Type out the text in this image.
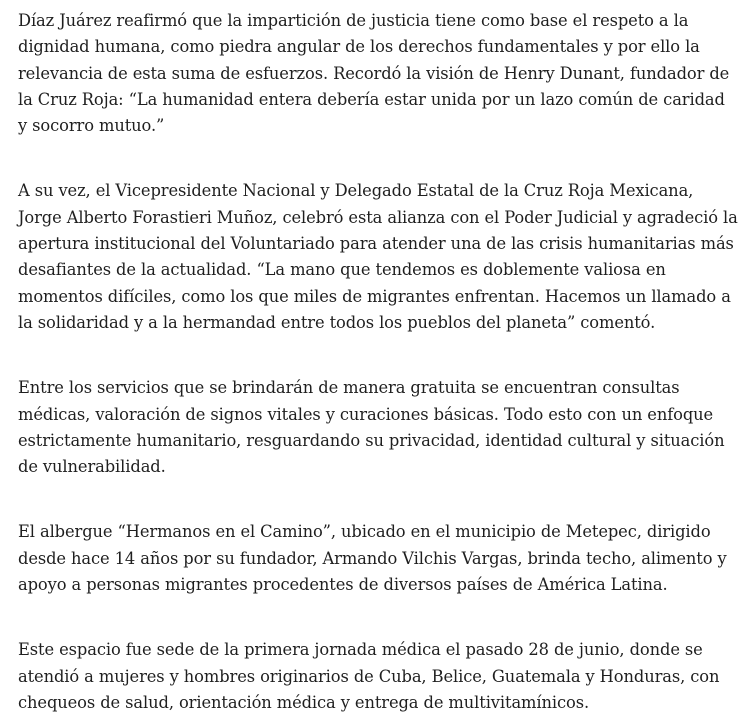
Díaz Juárez reafirmó que la impartición de justicia tiene como base el respeto a la dignidad humana, como piedra angular de los derechos fundamentales y por ello la relevancia de esta suma de esfuerzos. Recordó la visión de Henry Dunant, fundador de la Cruz Roja: “La humanidad entera debería estar unida por un lazo común de caridad y socorro mutuo.”

A su vez, el Vicepresidente Nacional y Delegado Estatal de la Cruz Roja Mexicana, Jorge Alberto Forastieri Muñoz, celebró esta alianza con el Poder Judicial y agradeció la apertura institucional del Voluntariado para atender una de las crisis humanitarias más desafiantes de la actualidad. “La mano que tendemos es doblemente valiosa en momentos difíciles, como los que miles de migrantes enfrentan. Hacemos un llamado a la solidaridad y a la hermandad entre todos los pueblos del planeta” comentó.

Entre los servicios que se brindarán de manera gratuita se encuentran consultas médicas, valoración de signos vitales y curaciones básicas. Todo esto con un enfoque estrictamente humanitario, resguardando su privacidad, identidad cultural y situación de vulnerabilidad.

El albergue “Hermanos en el Camino”, ubicado en el municipio de Metepec, dirigido desde hace 14 años por su fundador, Armando Vilchis Vargas, brinda techo, alimento y apoyo a personas migrantes procedentes de diversos países de América Latina.

Este espacio fue sede de la primera jornada médica el pasado 28 de junio, donde se atendió a mujeres y hombres originarios de Cuba, Belice, Guatemala y Honduras, con chequeos de salud, orientación médica y entrega de multivitamínicos.
